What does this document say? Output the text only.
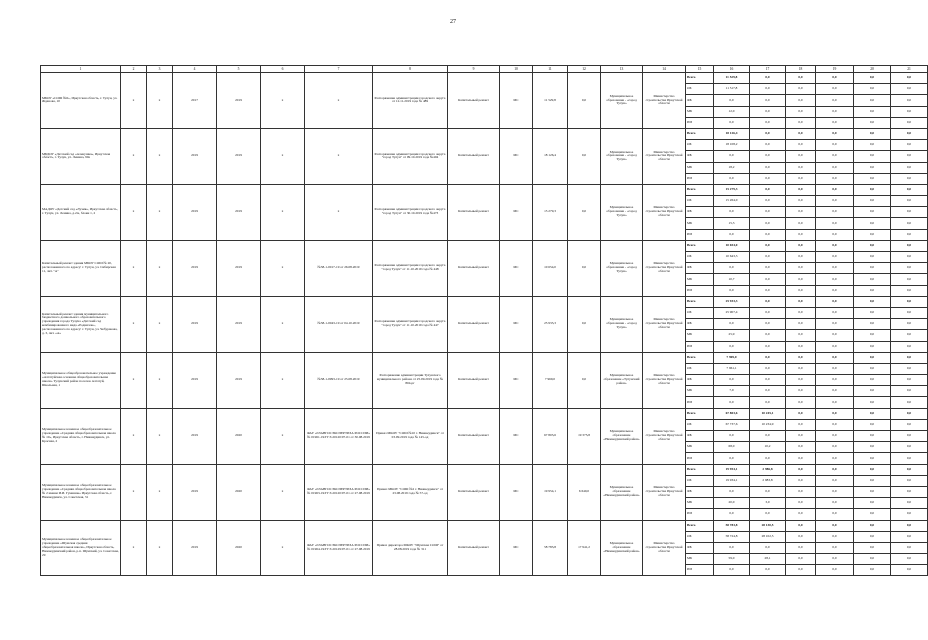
27
1	2	3	4	5	6	7	8	9	10	11	12	13	14	15	16	17	18	19	20	21
МБОУ «СОШ №6», Иркутская область, г. Тулун, ул. Жданова, 10	x	x	2017	2019	x	x	Распоряжение администрации городского округа от 12.11.2019 года № 489	Капитальный ремонт	МС	11 529,8	0,0	Муниципальное образование - «город Тулун»	Министерство строительства Иркутской области	Всего	11 529,8	0,0	0,0	0,0	0,0	0,0
														ОБ	11 517,8	0,0	0,0	0,0	0,0	0,0
														ФБ	0,0	0,0	0,0	0,0	0,0	0,0
														МБ	12,0	0,0	0,0	0,0	0,0	0,0
														ИИ	0,0	0,0	0,0	0,0	0,0	0,0
МБДОУ «Детский сад «Аленушка», Иркутская область, г. Тулун, ул. Ленина, 90а	x	x	2019	2019	x	x	Распоряжение администрации городского округа "город Тулун" от 09.10.2019 года №404	Капитальный ремонт	МС	18 126,4	0,0	Муниципальное образование - «город Тулун»	Министерство строительства Иркутской области	Всего	18 126,4	0,0	0,0	0,0	0,0	0,0
														ОБ	18 108,2	0,0	0,0	0,0	0,0	0,0
														ФБ	0,0	0,0	0,0	0,0	0,0	0,0
														МБ	18,2	0,0	0,0	0,0	0,0	0,0
														ИИ	0,0	0,0	0,0	0,0	0,0	0,0
МАДОУ «Детский сад «Лучик», Иркутская область, г. Тулун, ул. Ленина, д.2А, блоки 1, 2	x	x	2019	2019	x	x	Распоряжение администрации городского округа "город Тулун" от 30.10.2019 года №473	Капитальный ремонт	МС	15 279,3	0,0	Муниципальное образование - «город Тулун»	Министерство строительства Иркутской области	Всего	15 279,3	0,0	0,0	0,0	0,0	0,0
														ОБ	15 264,0	0,0	0,0	0,0	0,0	0,0
														ФБ	0,0	0,0	0,0	0,0	0,0	0,0
														МБ	15,3	0,0	0,0	0,0	0,0	0,0
														ИИ	0,0	0,0	0,0	0,0	0,0	0,0
Капитальный ремонт здания МБОУ СОШ № 20, расположенного по адресу: г. Тулун, ул. Сибирская 11, лит. "А"	x	x	2019	2019	x	№38-1-0017-19 от 26.08.2019	Распоряжение администрации городского округа "город Тулун" от 11.10.2019 года № 448	Капитальный ремонт	МС	10 654,0	0,0	Муниципальное образование - «город Тулун»	Министерство строительства Иркутской области	Всего	10 654,0	0,0	0,0	0,0	0,0	0,0
														ОБ	10 643,3	0,0	0,0	0,0	0,0	0,0
														ФБ	0,0	0,0	0,0	0,0	0,0	0,0
														МБ	10,7	0,0	0,0	0,0	0,0	0,0
														ИИ	0,0	0,0	0,0	0,0	0,0	0,0
Капитальный ремонт здания муниципального бюджетного дошкольного образовательного учреждения города Тулуна «Детский сад комбинированного вида «Родничок», расположенного по адресу: г. Тулун, ул. Чебуракова, д. 3, лит. «А»	x	x	2019	2019	x	№38-1-0043-19 от 04.10.2019	Распоряжение администрации городского округа "город Тулун" от 11.10.2019 года № 447	Капитальный ремонт	МС	25 933,3	0,0	Муниципальное образование - «город Тулун»	Министерство строительства Иркутской области	Всего	25 933,3	0,0	0,0	0,0	0,0	0,0
														ОБ	25 907,4	0,0	0,0	0,0	0,0	0,0
														ФБ	0,0	0,0	0,0	0,0	0,0	0,0
														МБ	25,9	0,0	0,0	0,0	0,0	0,0
														ИИ	0,0	0,0	0,0	0,0	0,0	0,0
Муниципальное общеобразовательное учреждение «Алгатуйская основная общеобразовательная школа» Тулунский район поселок Алгатуй, Школьная, 1	x	x	2019	2019	x	№38-1-0993-19 от 25.08.2019	Распоряжение администрации Тулунского муниципального района от 25.09.2019 года № 804-рг	Капитальный ремонт	МС	7 969,0	0,0	Муниципальное образование «Тулунский район»	Министерство строительства Иркутской области	Всего	7 969,0	0,0	0,0	0,0	0,0	0,0
														ОБ	7 961,1	0,0	0,0	0,0	0,0	0,0
														ФБ	0,0	0,0	0,0	0,0	0,0	0,0
														МБ	7,9	0,0	0,0	0,0	0,0	0,0
														ИИ	0,0	0,0	0,0	0,0	0,0	0,0
Муниципальное казенное общеобразовательное учреждение «Средняя общеобразовательная школа № 10», Иркутская область, г. Нижнеудинск, ул. Красная, 2	x	x	2019	2020	x	ФАУ «ГЛАВГОСЭКСПЕРТИЗА РОССИИ» № 01961-19/ГГЭ-20120/07-01 от 30.08.2019	Приказ МКОУ "СОШ №10 г. Нижнеудинск" от 03.09.2019 года № 145-од	Капитальный ремонт	МС	67 803,6	19 375,8	Муниципальное образование «Нижнеудинский район»	Министерство строительства Иркутской области	Всего	67 803,6	10 245,1	0,0	0,0	0,0	0,0
														ОБ	67 737,6	10 234,9	0,0	0,0	0,0	0,0
														ФБ	0,0	0,0	0,0	0,0	0,0	0,0
														МБ	68,0	10,2	0,0	0,0	0,0	0,0
														ИИ	0,0	0,0	0,0	0,0	0,0	0,0
Муниципальное казенное общеобразовательное учреждение «Средняя общеобразовательная школа № 2 имени И.И. Гуменюк» Иркутская область, г. Нижнеудинск, ул. Советская, 31	x	x	2019	2020	x	ФАУ «ГЛАВГОСЭКСПЕРТИЗА РОССИИ» № 01963-19/ГГЭ-20120/07-01 от 27.08.2019	Приказ МКОУ "СОШ №2 г. Нижнеудинск" от 23.08.2019 года № 57-од	Капитальный ремонт	МС	19 954,1	6 640,0	Муниципальное образование «Нижнеудинский район»	Министерство строительства Иркутской области	Всего	19 954,1	2 986,8	0,0	0,0	0,0	0,0
														ОБ	19 934,1	2 983,8	0,0	0,0	0,0	0,0
														ФБ	0,0	0,0	0,0	0,0	0,0	0,0
														МБ	20,0	3,0	0,0	0,0	0,0	0,0
														ИИ	0,0	0,0	0,0	0,0	0,0	0,0
Муниципальное казенное общеобразовательное учреждение «Шумская средняя общеобразовательная школа», Иркутская область, Нижнеудинский район, р.п. Шумский, ул. Советская, 29	x	x	2019	2020	x	ФАУ «ГЛАВГОСЭКСПЕРТИЗА РОССИИ» № 01964-19/ГГЭ-20129/07-01 от 27.08.2019	Приказ директора МКОУ "Шумская СОШ" от 28.08.2019 года № 311	Капитальный ремонт	МС	58 783,8	17 941,2	Муниципальное образование «Нижнеудинский район»	Министерство строительства Иркутской области	Всего	58 783,8	28 130,5	0,0	0,0	0,0	0,0
														ОБ	58 724,8	28 102,5	0,0	0,0	0,0	0,0
														ФБ	0,0	0,0	0,0	0,0	0,0	0,0
														МБ	59,0	28,1	0,0	0,0	0,0	0,0
														ИИ	0,0	0,0	0,0	0,0	0,0	0,0
